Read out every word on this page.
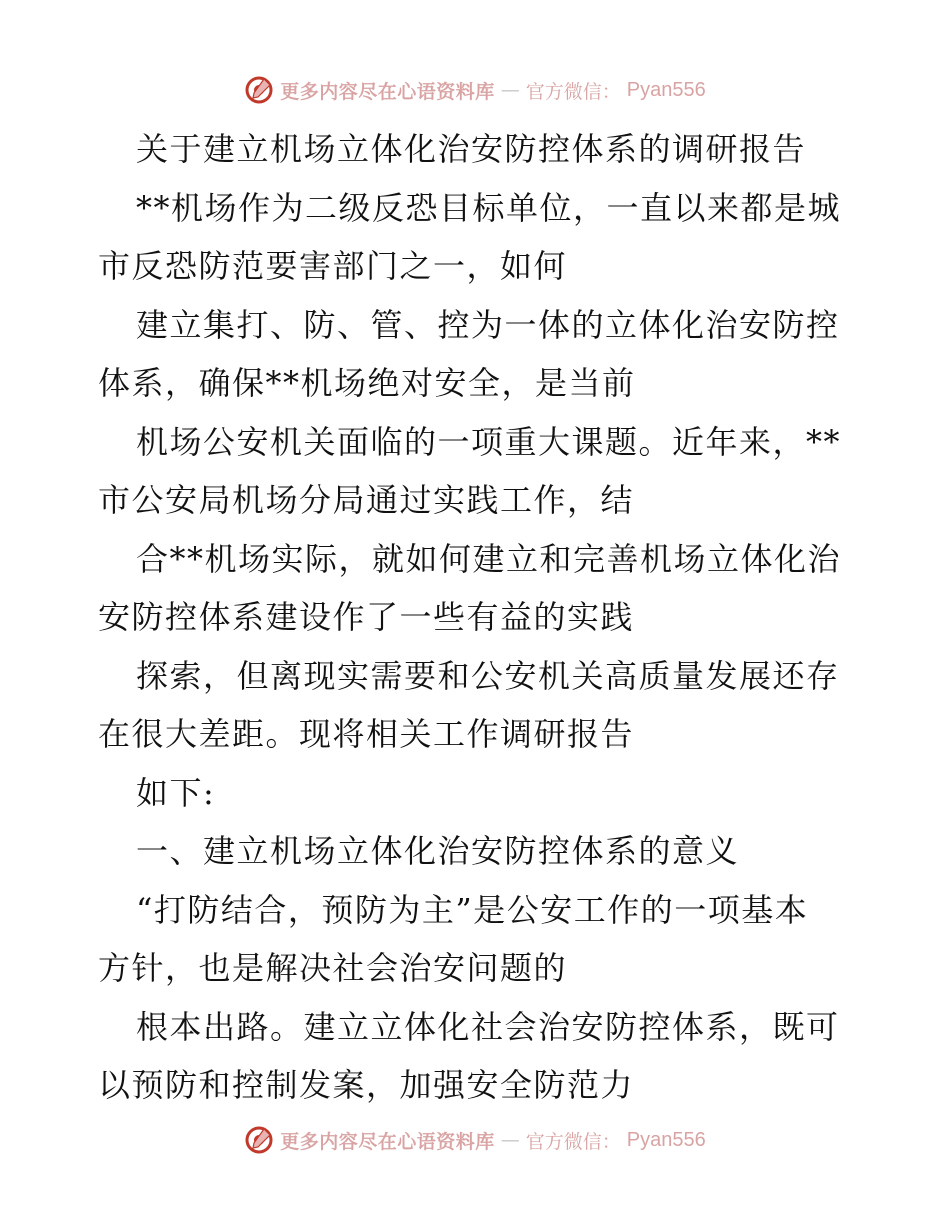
更多内容尽在心语资料库 — 官方微信： Pyan556
关于建立机场立体化治安防控体系的调研报告
**机场作为二级反恐目标单位，一直以来都是城
市反恐防范要害部门之一，如何
建立集打、防、管、控为一体的立体化治安防控
体系，确保**机场绝对安全，是当前
机场公安机关面临的一项重大课题。近年来，**
市公安局机场分局通过实践工作，结
合**机场实际，就如何建立和完善机场立体化治
安防控体系建设作了一些有益的实践
探索，但离现实需要和公安机关高质量发展还存
在很大差距。现将相关工作调研报告
如下:
一、建立机场立体化治安防控体系的意义
“打防结合，预防为主”是公安工作的一项基本
方针，也是解决社会治安问题的
根本出路。建立立体化社会治安防控体系，既可
以预防和控制发案，加强安全防范力
更多内容尽在心语资料库 — 官方微信： Pyan556
